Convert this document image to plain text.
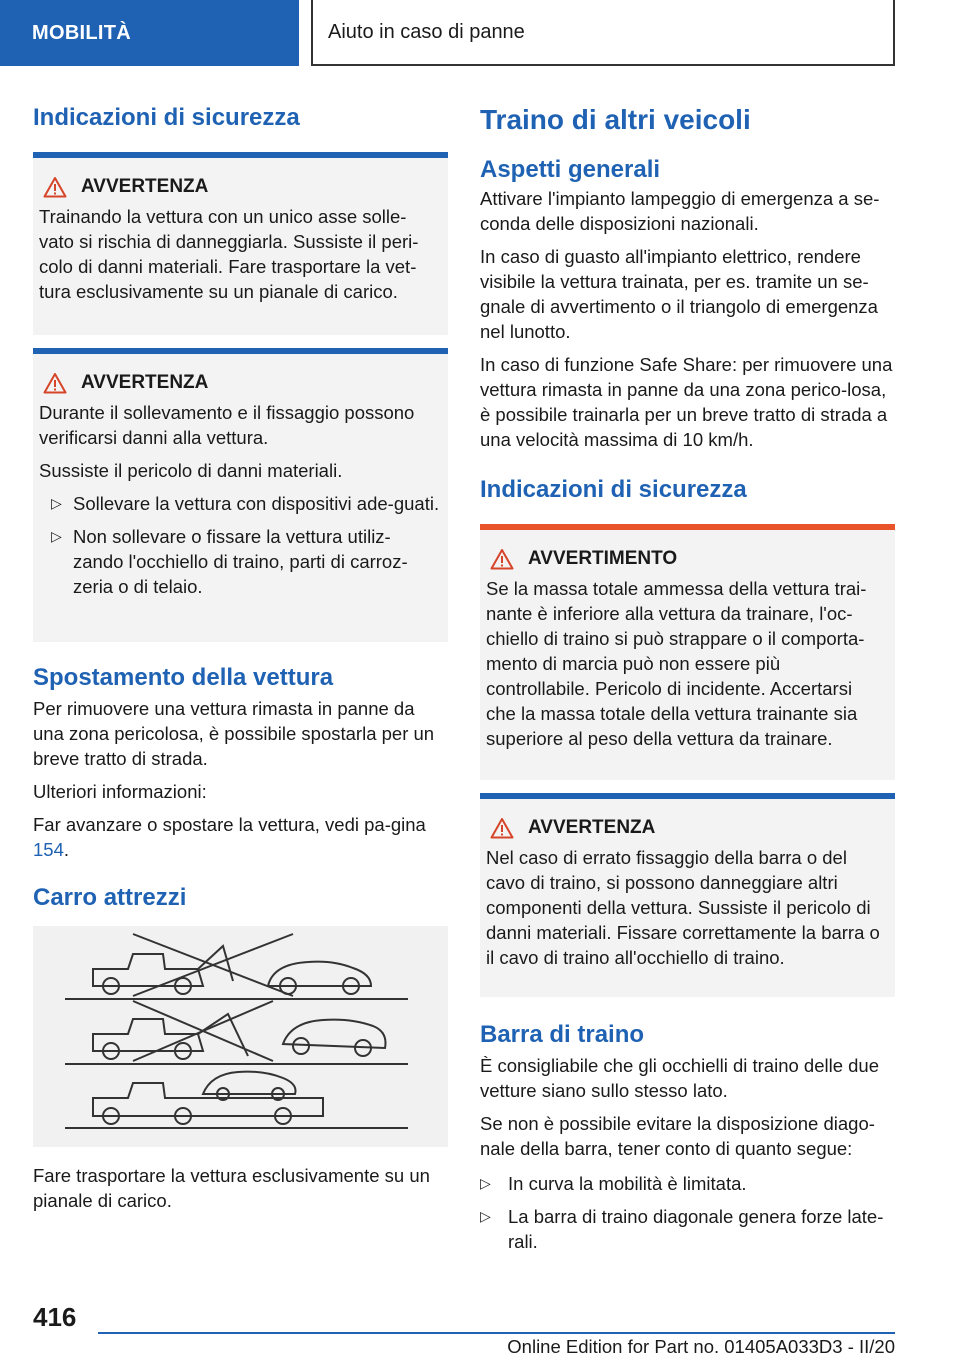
MOBILITÀ	Aiuto in caso di panne
Indicazioni di sicurezza
AVVERTENZA

Trainando la vettura con un unico asse solle-vato si rischia di danneggiarla. Sussiste il peri-colo di danni materiali. Fare trasportare la vet-tura esclusivamente su un pianale di carico.

AVVERTENZA

Durante il sollevamento e il fissaggio possono verificarsi danni alla vettura.

Sussiste il pericolo di danni materiali.

▷ Sollevare la vettura con dispositivi ade-guati.
▷ Non sollevare o fissare la vettura utiliz-zando l'occhiello di traino, parti di carroz-zeria o di telaio.
Spostamento della vettura

Per rimuovere una vettura rimasta in panne da una zona pericolosa, è possibile spostarla per un breve tratto di strada.

Ulteriori informazioni:

Far avanzare o spostare la vettura, vedi pa-gina 154.

Carro attrezzi

Fare trasportare la vettura esclusivamente su un pianale di carico.

Traino di altri veicoli
Aspetti generali

Attivare l'impianto lampeggio di emergenza a se-conda delle disposizioni nazionali.

In caso di guasto all'impianto elettrico, rendere visibile la vettura trainata, per es. tramite un se-gnale di avvertimento o il triangolo di emergenza nel lunotto.

In caso di funzione Safe Share: per rimuovere una vettura rimasta in panne da una zona perico-losa, è possibile trainarla per un breve tratto di strada a una velocità massima di 10 km/h.

Indicazioni di sicurezza
AVVERTIMENTO

Se la massa totale ammessa della vettura trai-nante è inferiore alla vettura da trainare, l'oc-chiello di traino si può strappare o il comporta-mento di marcia può non essere più controllabile. Pericolo di incidente. Accertarsi che la massa totale della vettura trainante sia superiore al peso della vettura da trainare.

AVVERTENZA

Nel caso di errato fissaggio della barra o del cavo di traino, si possono danneggiare altri componenti della vettura. Sussiste il pericolo di danni materiali. Fissare correttamente la barra o il cavo di traino all'occhiello di traino.

Barra di traino

È consigliabile che gli occhielli di traino delle due vetture siano sullo stesso lato.

Se non è possibile evitare la disposizione diago-nale della barra, tener conto di quanto segue:

▷ In curva la mobilità è limitata.
▷ La barra di traino diagonale genera forze late-rali.
416
Online Edition for Part no. 01405A033D3 - II/20
